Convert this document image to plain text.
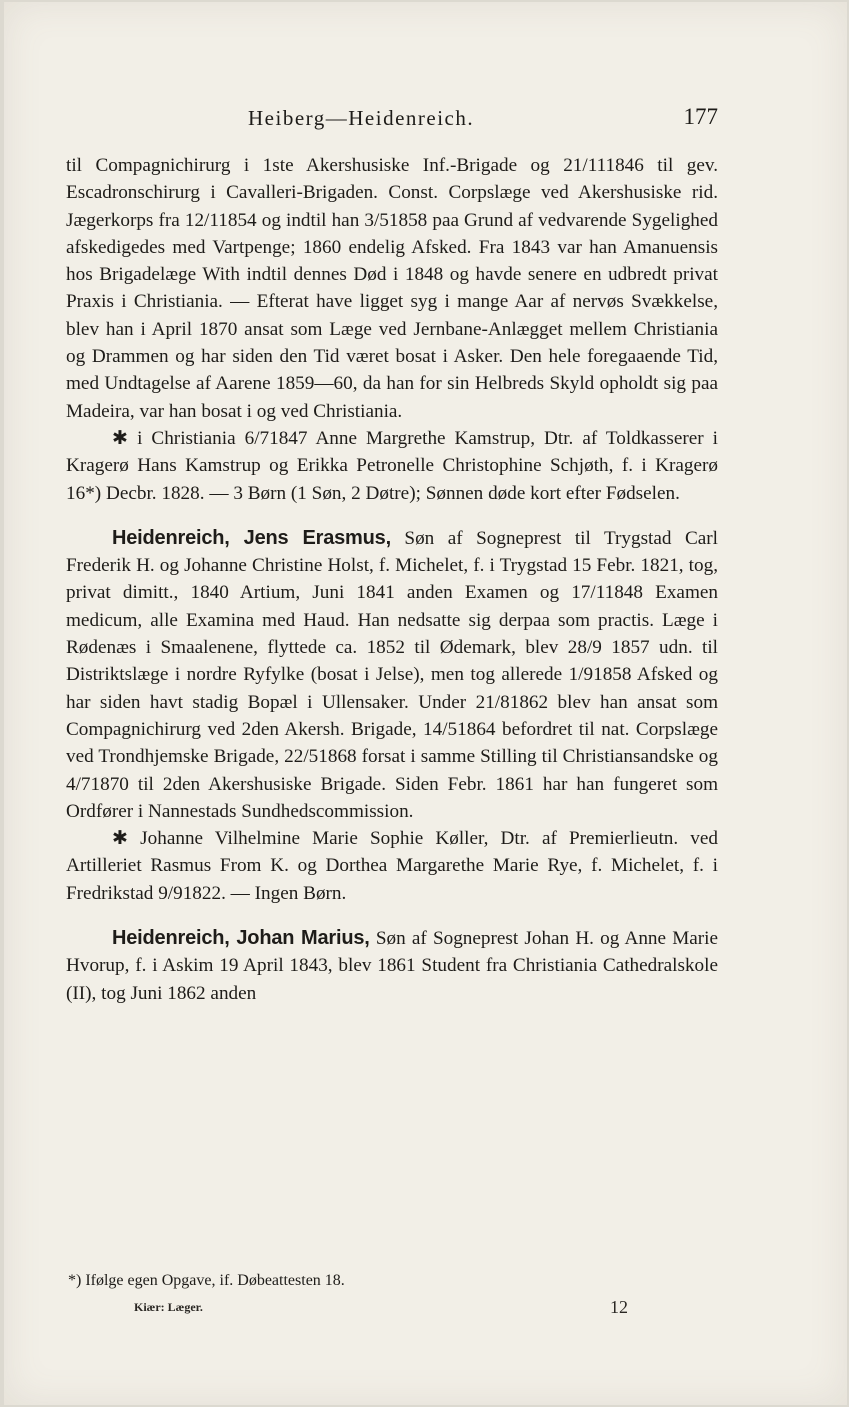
Heiberg—Heidenreich.	177

til Compagnichirurg i 1ste Akershusiske Inf.-Brigade og 21/111846 til gev. Escadronschirurg i Cavalleri-Brigaden. Const. Corpslæge ved Akershusiske rid. Jægerkorps fra 12/11854 og indtil han 3/51858 paa Grund af vedvarende Sygelighed afskedigedes med Vartpenge; 1860 endelig Afsked. Fra 1843 var han Amanuensis hos Brigadelæge With indtil dennes Død i 1848 og havde senere en udbredt privat Praxis i Christiania. — Efterat have ligget syg i mange Aar af nervøs Svækkelse, blev han i April 1870 ansat som Læge ved Jernbane-Anlægget mellem Christiania og Drammen og har siden den Tid været bosat i Asker. Den hele foregaaende Tid, med Undtagelse af Aarene 1859—60, da han for sin Helbreds Skyld opholdt sig paa Madeira, var han bosat i og ved Christiania.

✱ i Christiania 6/71847 Anne Margrethe Kamstrup, Dtr. af Toldkasserer i Kragerø Hans Kamstrup og Erikka Petronelle Christophine Schjøth, f. i Kragerø 16*) Decbr. 1828. — 3 Børn (1 Søn, 2 Døtre); Sønnen døde kort efter Fødselen.

Heidenreich, Jens Erasmus, Søn af Sogneprest til Trygstad Carl Frederik H. og Johanne Christine Holst, f. Michelet, f. i Trygstad 15 Febr. 1821, tog, privat dimitt., 1840 Artium, Juni 1841 anden Examen og 17/11848 Examen medicum, alle Examina med Haud. Han nedsatte sig derpaa som practis. Læge i Rødenæs i Smaalenene, flyttede ca. 1852 til Ødemark, blev 28/9 1857 udn. til Distriktslæge i nordre Ryfylke (bosat i Jelse), men tog allerede 1/91858 Afsked og har siden havt stadig Bopæl i Ullensaker. Under 21/81862 blev han ansat som Compagnichirurg ved 2den Akersh. Brigade, 14/51864 befordret til nat. Corpslæge ved Trondhjemske Brigade, 22/51868 forsat i samme Stilling til Christiansandske og 4/71870 til 2den Akershusiske Brigade. Siden Febr. 1861 har han fungeret som Ordfører i Nannestads Sundhedscommission.

✱ Johanne Vilhelmine Marie Sophie Køller, Dtr. af Premierlieutn. ved Artilleriet Rasmus From K. og Dorthea Margarethe Marie Rye, f. Michelet, f. i Fredrikstad 9/91822. — Ingen Børn.

Heidenreich, Johan Marius, Søn af Sogneprest Johan H. og Anne Marie Hvorup, f. i Askim 19 April 1843, blev 1861 Student fra Christiania Cathedralskole (II), tog Juni 1862 anden

*) Ifølge egen Opgave, if. Døbeattesten 18.
Kiær: Læger.	12
